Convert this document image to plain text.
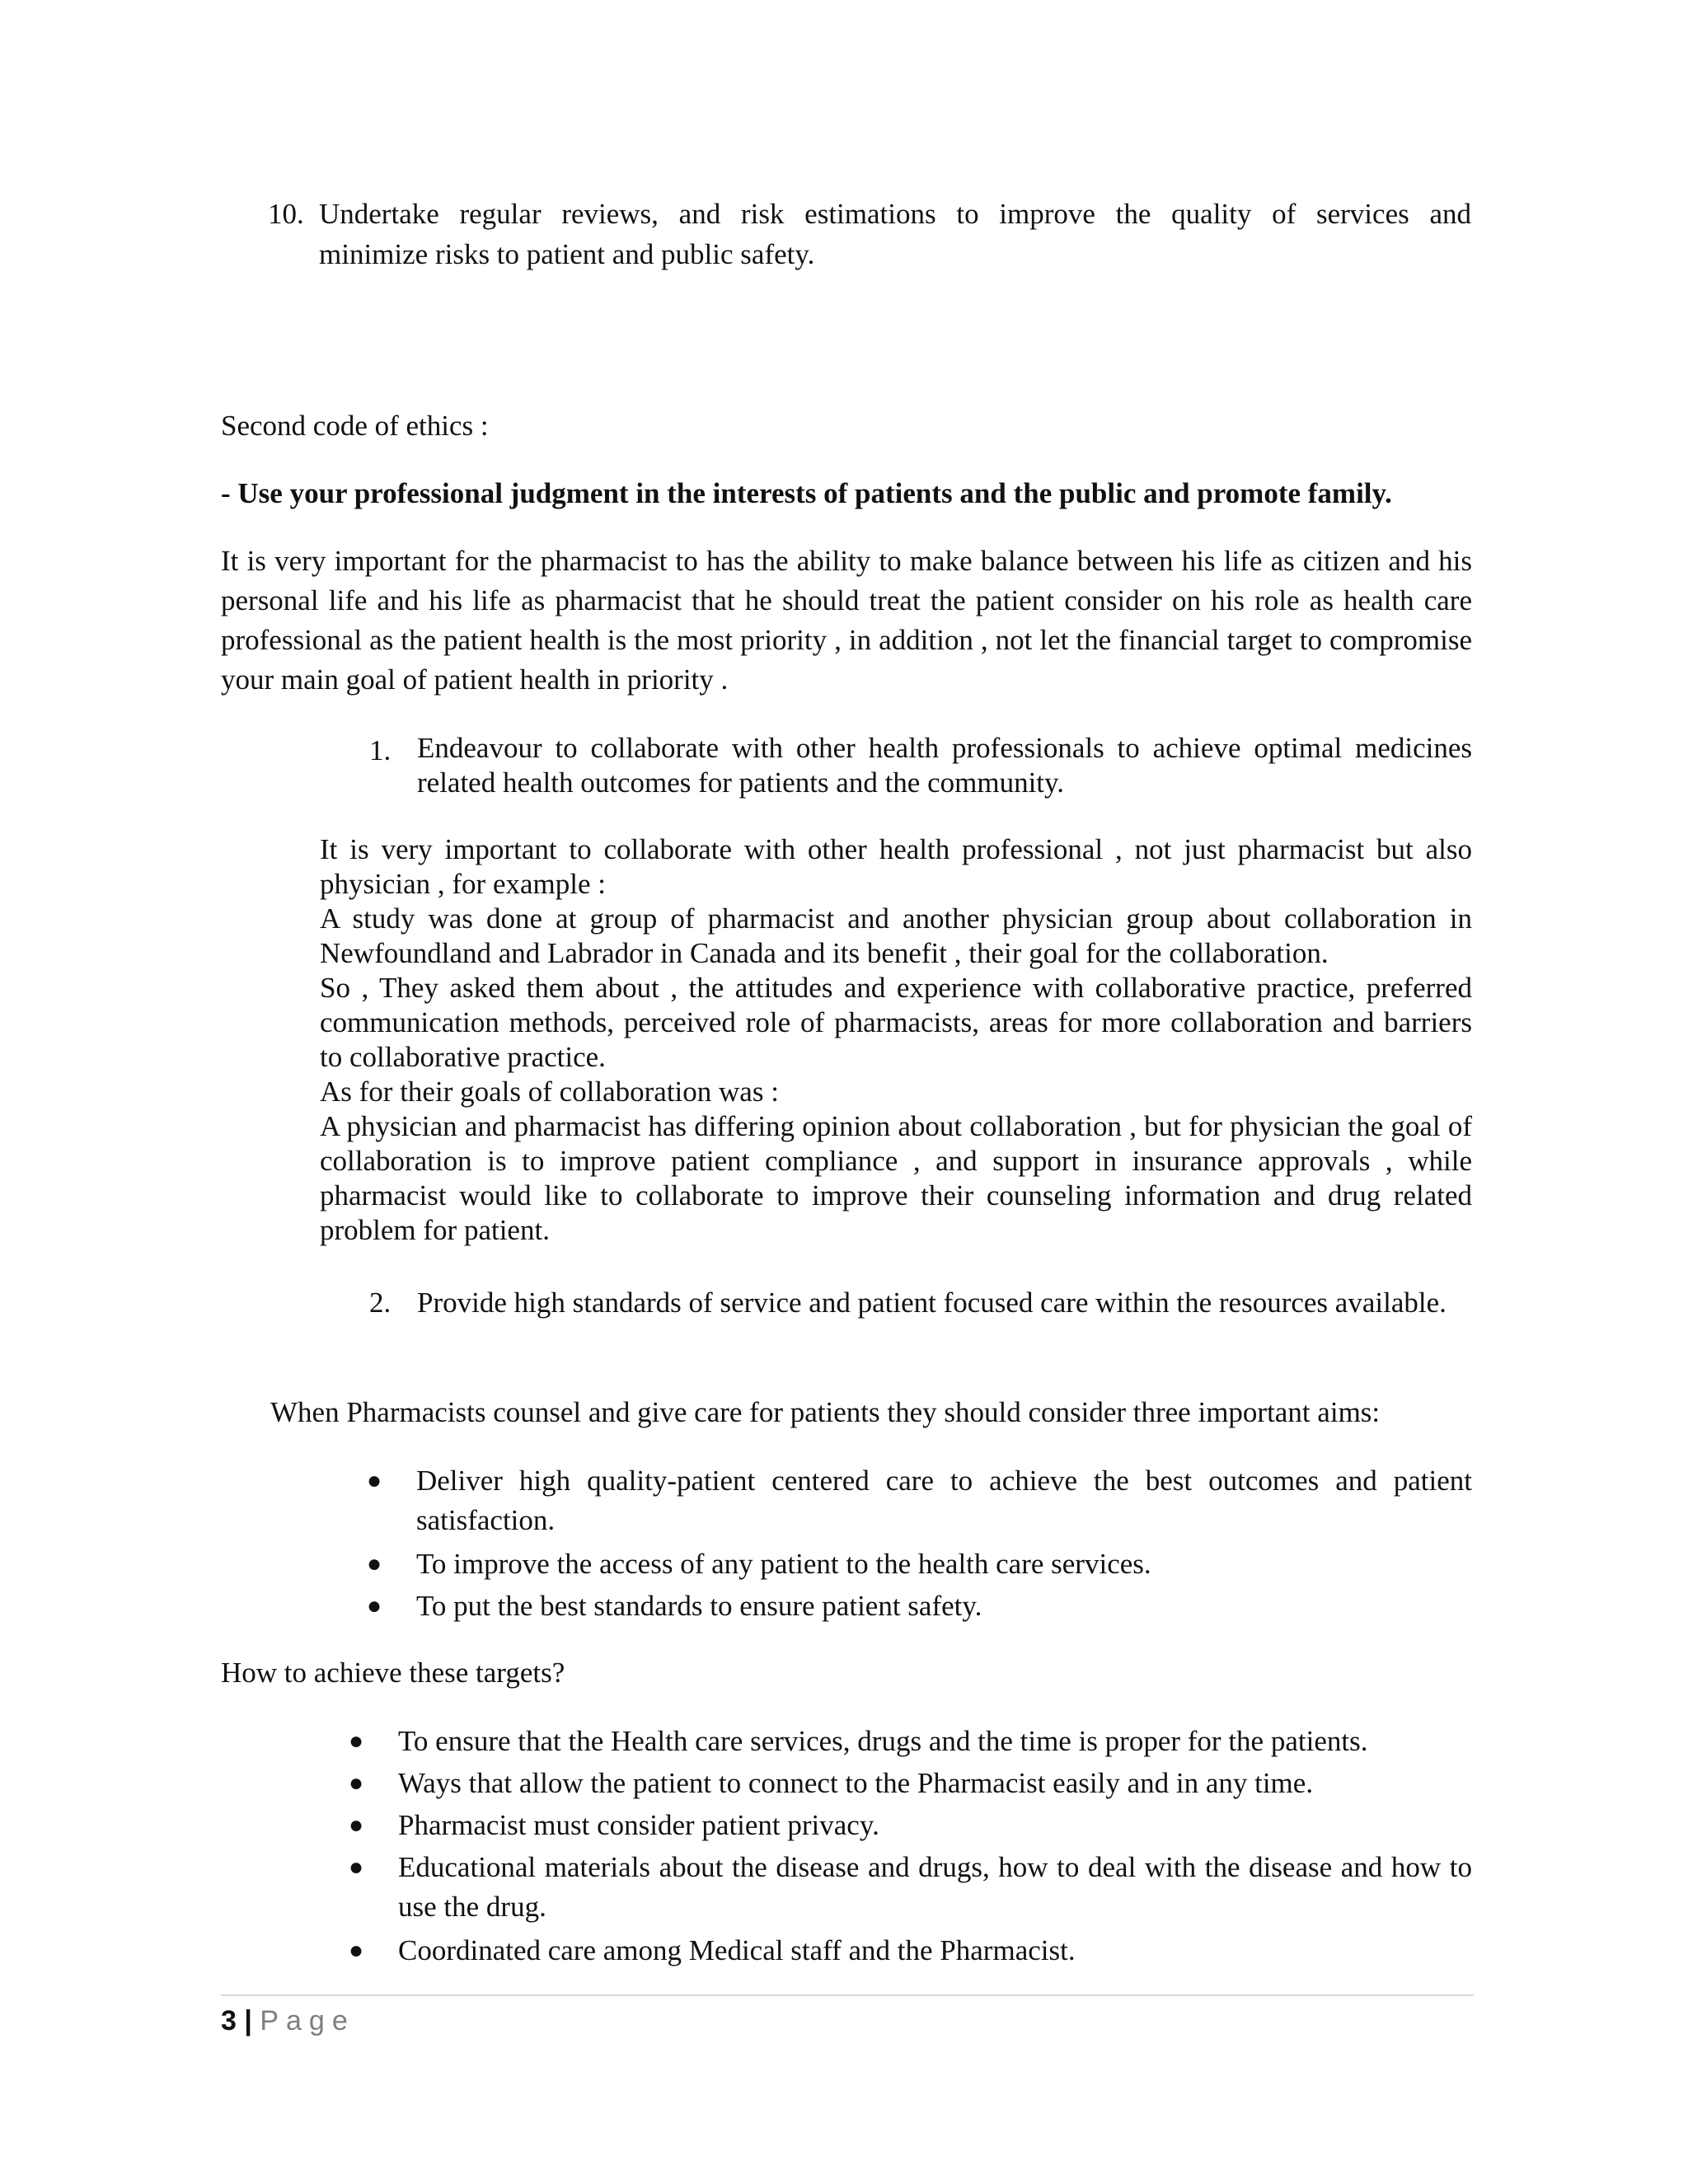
10. Undertake regular reviews, and risk estimations to improve the quality of services and
minimize risks to patient and public safety.
Second code of ethics :
- Use your professional judgment in the interests of patients and the public and promote family.
It is very important for the pharmacist to has the ability to make balance between his life as citizen and his personal life and his life as pharmacist that he should treat the patient consider on his role as health care professional as the patient health is the most priority , in addition , not let the financial target to compromise your main goal of patient health in priority .
1. Endeavour to collaborate with other health professionals to achieve optimal medicines related health outcomes for patients and the community.
It is very important to collaborate with other health professional , not just pharmacist but also physician , for example :
A study was done at group of pharmacist and another physician group about collaboration in Newfoundland and Labrador in Canada and its benefit , their goal for the collaboration.
So , They asked them about , the attitudes and experience with collaborative practice, preferred communication methods, perceived role of pharmacists, areas for more collaboration and barriers to collaborative practice.
As for their goals of collaboration was :
A physician and pharmacist has differing opinion about collaboration , but for physician the goal of collaboration is to improve patient compliance , and support in insurance approvals , while pharmacist would like to collaborate to improve their counseling information and drug related problem for patient.
2. Provide high standards of service and patient focused care within the resources available.
When Pharmacists counsel and give care for patients they should consider three important aims:
● Deliver high quality-patient centered care to achieve the best outcomes and patient satisfaction.
● To improve the access of any patient to the health care services.
● To put the best standards to ensure patient safety.
How to achieve these targets?
● To ensure that the Health care services, drugs and the time is proper for the patients.
● Ways that allow the patient to connect to the Pharmacist easily and in any time.
● Pharmacist must consider patient privacy.
● Educational materials about the disease and drugs, how to deal with the disease and how to use the drug.
● Coordinated care among Medical staff and the Pharmacist.
3 | Page
